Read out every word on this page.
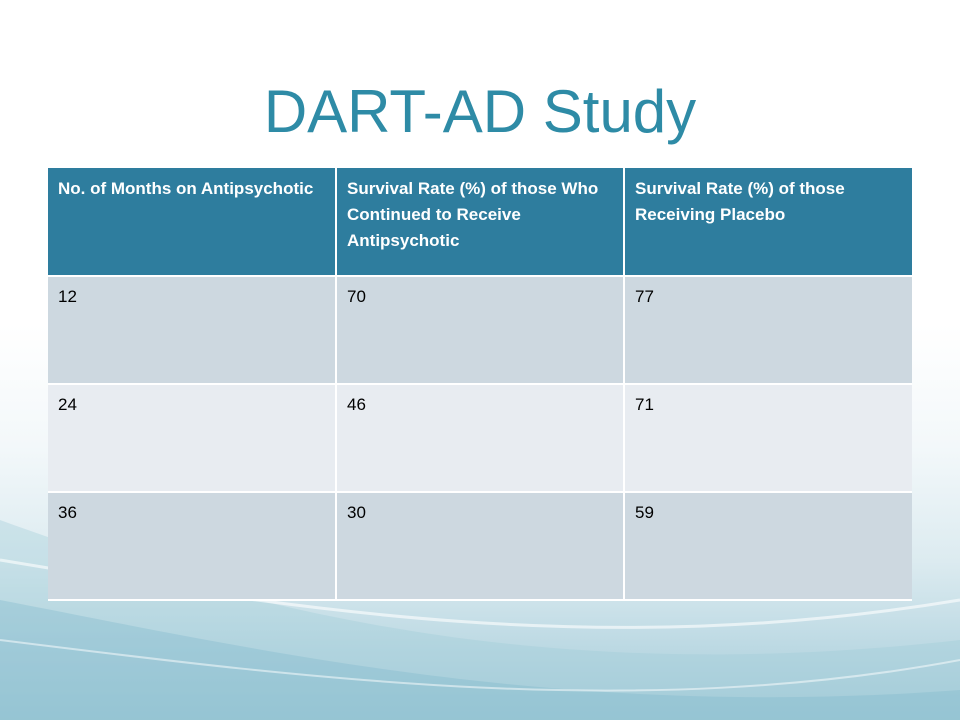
DART-AD Study
No. of Months on Antipsychotic	Survival Rate (%) of those Who Continued to Receive Antipsychotic	Survival Rate (%) of those Receiving Placebo
12	70	77
24	46	71
36	30	59
